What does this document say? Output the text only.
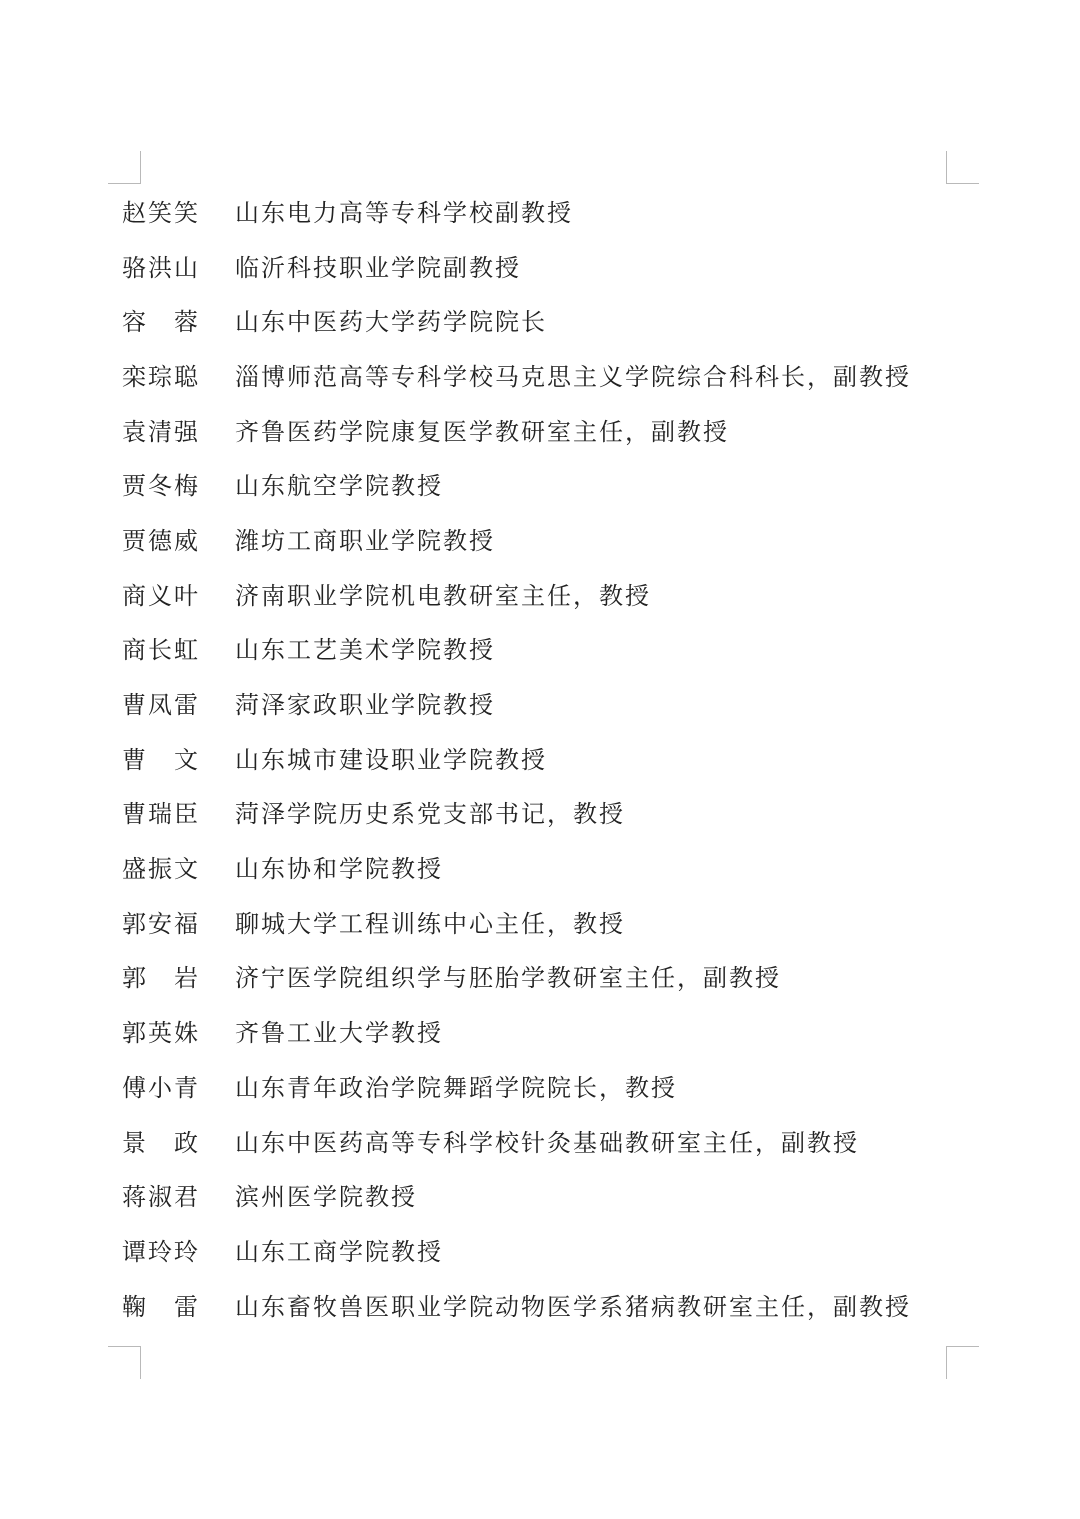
赵笑笑	山东电力高等专科学校副教授
骆洪山	临沂科技职业学院副教授
容 蓉 山东中医药大学药学院院长
栾琮聪	淄博师范高等专科学校马克思主义学院综合科科长，副教授
袁清强	齐鲁医药学院康复医学教研室主任，副教授
贾冬梅	山东航空学院教授
贾德威	潍坊工商职业学院教授
商义叶	济南职业学院机电教研室主任，教授
商长虹	山东工艺美术学院教授
曹凤雷	菏泽家政职业学院教授
曹 文 山东城市建设职业学院教授
曹瑞臣	菏泽学院历史系党支部书记，教授
盛振文	山东协和学院教授
郭安福	聊城大学工程训练中心主任，教授
郭 岩 济宁医学院组织学与胚胎学教研室主任，副教授
郭英姝	齐鲁工业大学教授
傅小青	山东青年政治学院舞蹈学院院长，教授
景 政 山东中医药高等专科学校针灸基础教研室主任，副教授
蒋淑君	滨州医学院教授
谭玲玲	山东工商学院教授
鞠 雷 山东畜牧兽医职业学院动物医学系猪病教研室主任，副教授
